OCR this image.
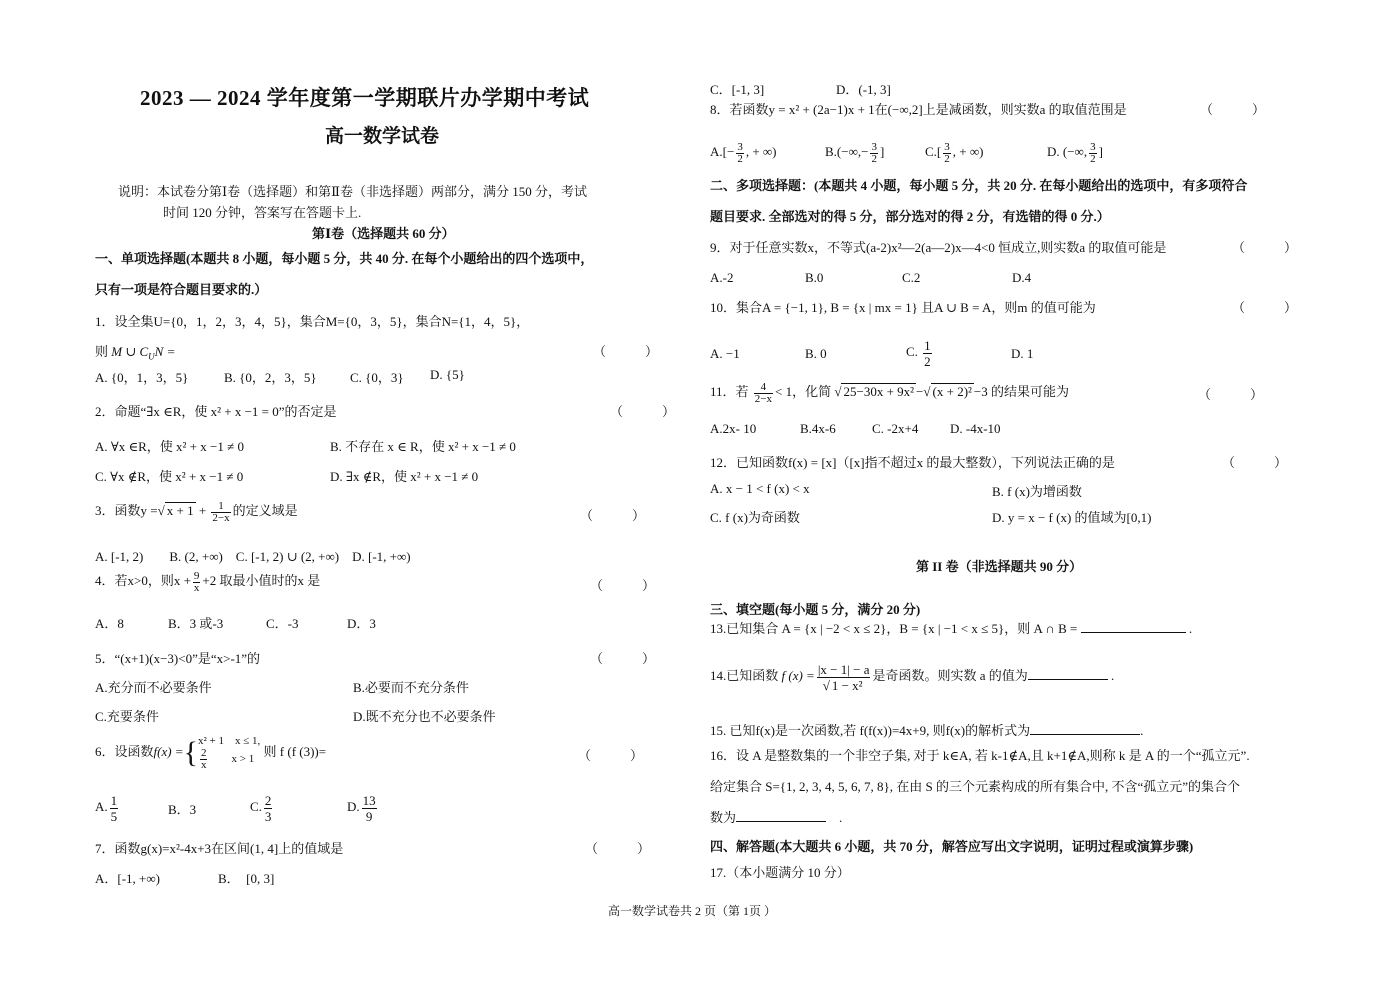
2023 — 2024 学年度第一学期联片办学期中考试
高一数学试卷
说明：本试卷分第Ⅰ卷（选择题）和第Ⅱ卷（非选择题）两部分，满分 150 分，考试
时间 120 分钟，答案写在答题卡上.
第Ⅰ卷（选择题共 60 分）
一、单项选择题(本题共 8 小题，每小题 5 分，共 40 分. 在每个小题给出的四个选项中，
只有一项是符合题目要求的.）
1．设全集U={0，1，2，3，4，5}，集合M={0，3，5}，集合N={1，4，5}，
则 M ∪ $C_UN$ =	（　　　）
A. {0，1，3，5}	B. {0，2，3，5}	C. {0，3} D. {5}
2．命题“∃x ∈R，使 x² + x −1 = 0”的否定是	（　　　）
A. ∀x ∈R，使 x² + x −1 ≠ 0	B. 不存在 x ∈ R，使 x² + x −1 ≠ 0
C. ∀x ∉R，使 x² + x −1 ≠ 0	D. ∃x ∉R，使 x² + x −1 ≠ 0
3．函数y =√ $x + 1 + \frac{1}{2-x}$ 的定义域是	（　　　）
A. [-1, 2)　　B. (2, +∞)　C. [-1, 2) ∪ (2, +∞)　D. [-1, +∞)
4．若x>0，则$x + \frac{9}{x} +2$ 取最小值时的x 是	（　　　）
A．8	B．3 或-3	C．-3	D．3
5．“(x+1)(x−3)<0”是“x>-1”的	（　　　）
A.充分而不必要条件	B.必要而不充分条件
C.充要条件	D.既不充分也不必要条件
6．设函数f(x) ={x² + 1　x ≤ 1,

$\frac{2}{x}$
　　 x > 1 则 f (f (3))=	（　　　）
A. $\frac{1}{5}$	B．3	C. $\frac{2}{3}$	D. $\frac{13}{9}$
7．函数g(x)=x²-4x+3在区间(1, 4]上的值域是	（　　　）
A．[-1, +∞)	B．　[0, 3]
C．[-1, 3]	D．(-1, 3]
8．若函数y = x² + (2a−1)x + 1在(−∞,2]上是减函数，则实数a 的取值范围是	（　　　）
$A.[- \frac{3}{2}$ , + ∞)	$B.(-\infty,- \frac{3}{2}$ ]	$C.[ \frac{3}{2}$ , + ∞)	D. (−∞, $\frac{3}{2}$ ]
二、多项选择题：(本题共 4 小题，每小题 5 分，共 20 分. 在每小题给出的选项中，有多项符合
题目要求. 全部选对的得 5 分，部分选对的得 2 分，有选错的得 0 分.）
9．对于任意实数x，不等式(a-2)x²—2(a—2)x—4<0 恒成立,则实数a 的取值可能是	（　　　）
A.-2	B.0	C.2	D.4
10．集合A = {−1, 1}, B = {x | mx = 1} 且A ∪ B = A，则m 的值可能为	（　　　）
A. −1	B. 0	C. $\frac{1}{2}$	D. 1
11．若 $\frac{4}{2-x} < 1$，化简 √ 25−30x + 9x² −√ (x + 2)² −3 的结果可能为	（　　　）
A.2x- 10	B.4x-6	C. -2x+4 D. -4x-10
12．已知函数f(x) = [x]（[x]指不超过x 的最大整数），下列说法正确的是	（　　　）
A. x − 1 < f (x) < x	B. f (x)为增函数
C. f (x)为奇函数	D. y = x − f (x) 的值域为[0,1)
第 II 卷（非选择题共 90 分）
三、填空题(每小题 5 分，满分 20 分)
13.已知集合 A = {x | −2 < x ≤ 2}，B = {x | −1 < x ≤ 5}，则 A ∩ B =	.
14.已知函数 f $(x) = \frac{|x - 1| - a}{\text{√ 1 − x²}}$ 是奇函数。则实数 a 的值为	.
15. 已知f(x)是一次函数,若 f(f(x))=4x+9, 则f(x)的解析式为	.
16．设 A 是整数集的一个非空子集, 对于 k∈A, 若 k-1∉A,且 k+1∉A,则称 k 是 A 的一个“孤立元”.
给定集合 S={1, 2, 3, 4, 5, 6, 7, 8}, 在由 S 的三个元素构成的所有集合中, 不含“孤立元”的集合个
数为　	.
四、解答题(本大题共 6 小题，共 70 分，解答应写出文字说明，证明过程或演算步骤)
17.（本小题满分 10 分）
高一数学试卷共 2 页（第 1页 ）
